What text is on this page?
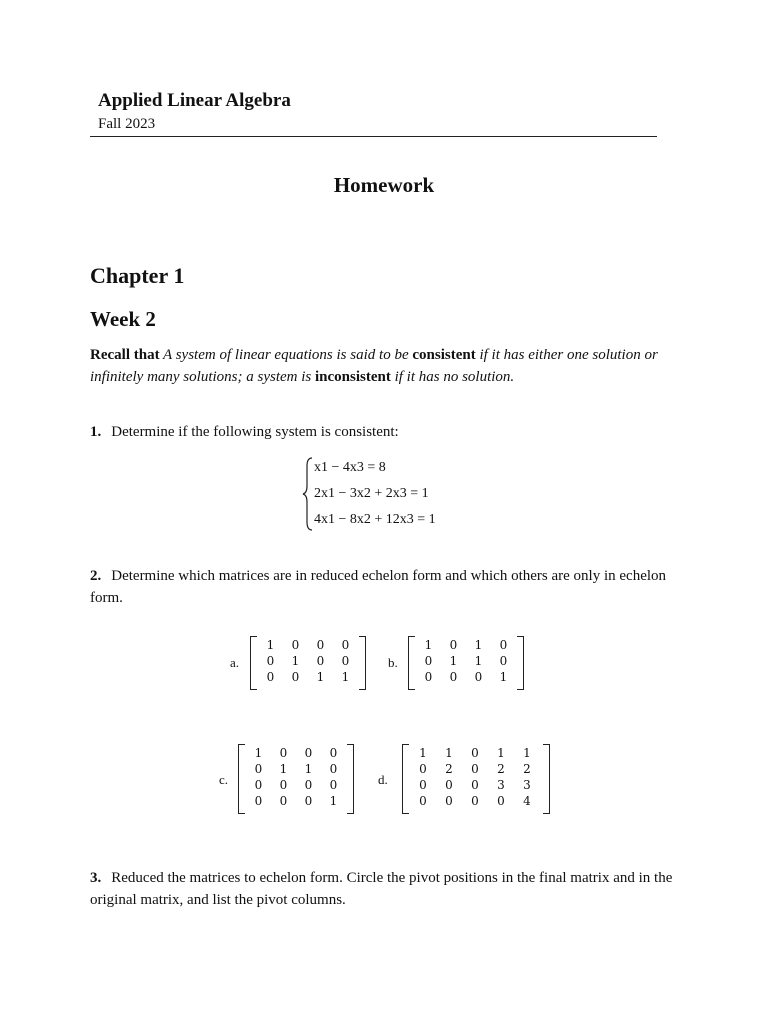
Applied Linear Algebra
Fall 2023
Homework
Chapter 1
Week 2
Recall that A system of linear equations is said to be consistent if it has either one solution or infinitely many solutions; a system is inconsistent if it has no solution.
1. Determine if the following system is consistent:
x1 − 4x3 = 8
2x1 − 3x2 + 2x3 = 1
4x1 − 8x2 + 12x3 = 1
2. Determine which matrices are in reduced echelon form and which others are only in echelon form.
a.
1	0	0	0
0	1	0	0
0	0	1	1
b.
1	0	1	0
0	1	1	0
0	0	0	1
c.
1	0	0	0
0	1	1	0
0	0	0	0
0	0	0	1
d.
1	1	0	1	1
0	2	0	2	2
0	0	0	3	3
0	0	0	0	4
3. Reduced the matrices to echelon form. Circle the pivot positions in the final matrix and in the original matrix, and list the pivot columns.
